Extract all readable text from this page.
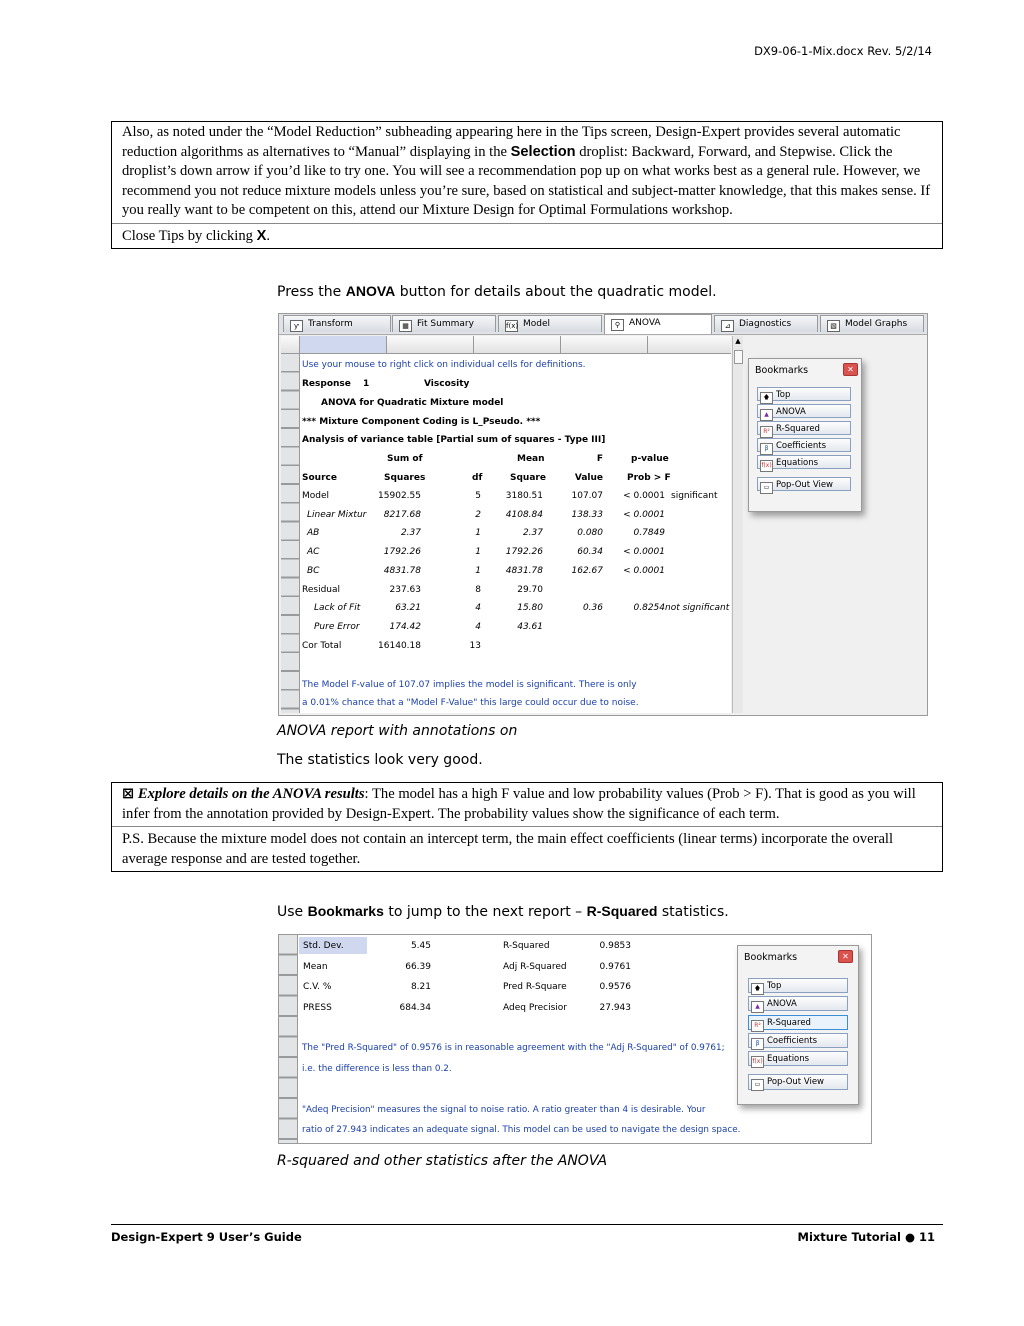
DX9-06-1-Mix.docx Rev. 5/2/14

Also, as noted under the “Model Reduction” subheading appearing here in the Tips screen, Design-Expert provides several automatic reduction algorithms as alternatives to “Manual” displaying in the Selection droplist: Backward, Forward, and Stepwise. Click the droplist’s down arrow if you’d like to try one. You will see a recommendation pop up on what works best as a general rule. However, we recommend you not reduce mixture models unless you’re sure, based on statistical and subject-matter knowledge, that this makes sense. If you really want to be competent on this, attend our Mixture Design for Optimal Formulations workshop.

Close Tips by clicking X.

Press the ANOVA button for details about the quadratic model.
ƴ Transform	▦ Fit Summary	f(x) Model	⚲ ANOVA	⊿ Diagnostics	▧ Model Graphs
Use your mouse to right click on individual cells for definitions.
Response 1	Viscosity
ANOVA for Quadratic Mixture model
*** Mixture Component Coding is L_Pseudo. ***
Analysis of variance table [Partial sum of squares - Type III]
Sum of	Mean	F	p-value
Source	Squares	df	Square	Value	Prob > F
Model	15902.55	5	3180.51	107.07	< 0.0001 significant
Linear Mixtur	8217.68	2	4108.84	138.33	< 0.0001
AB	2.37	1	2.37	0.080	0.7849
AC	1792.26	1	1792.26	60.34	< 0.0001
BC	4831.78	1	4831.78	162.67	< 0.0001
Residual	237.63	8	29.70
Lack of Fit	63.21	4	15.80	0.36	0.8254 not significant
Pure Error	174.42	4	43.61
Cor Total	16140.18	13
The Model F-value of 107.07 implies the model is significant. There is only
a 0.01% chance that a "Model F-Value" this large could occur due to noise.
▲
Bookmarks	✕
🡅 Top
▲ ANOVA
R² R-Squared
β Coefficients
f(x) Equations
▭ Pop-Out View
ANOVA report with annotations on
The statistics look very good.

⊠ Explore details on the ANOVA results: The model has a high F value and low probability values (Prob > F). That is good as you will infer from the annotation provided by Design-Expert. The probability values show the significance of each term.

P.S. Because the mixture model does not contain an intercept term, the main effect coefficients (linear terms) incorporate the overall average response and are tested together.

Use Bookmarks to jump to the next report – R-Squared statistics.
Std. Dev.	5.45	R-Squared	0.9853
Mean	66.39	Adj R-Squared	0.9761
C.V. %	8.21	Pred R-Square	0.9576
PRESS	684.34	Adeq Precisior	27.943
The "Pred R-Squared" of 0.9576 is in reasonable agreement with the "Adj R-Squared" of 0.9761;
i.e. the difference is less than 0.2.
"Adeq Precision" measures the signal to noise ratio. A ratio greater than 4 is desirable. Your
ratio of 27.943 indicates an adequate signal. This model can be used to navigate the design space.
Bookmarks	✕
🡅 Top
▲ ANOVA
R² R-Squared
β Coefficients
f(x) Equations
▭ Pop-Out View
R-squared and other statistics after the ANOVA
Design-Expert 9 User’s Guide	Mixture Tutorial ● 11
